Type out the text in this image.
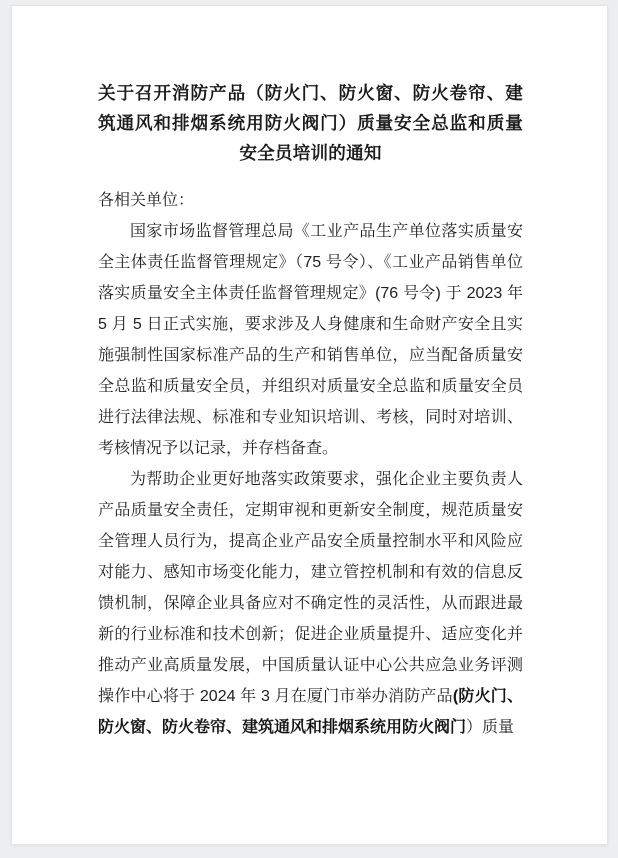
关于召开消防产品（防火门、防火窗、防火卷帘、建筑通风和排烟系统用防火阀门）质量安全总监和质量安全员培训的通知

各相关单位：

国家市场监督管理总局《工业产品生产单位落实质量安全主体责任监督管理规定》（75 号令）、《工业产品销售单位落实质量安全主体责任监督管理规定》(76 号令) 于 2023 年 5 月 5 日正式实施，要求涉及人身健康和生命财产安全且实施强制性国家标准产品的生产和销售单位，应当配备质量安全总监和质量安全员，并组织对质量安全总监和质量安全员进行法律法规、标准和专业知识培训、考核，同时对培训、考核情况予以记录，并存档备查。

为帮助企业更好地落实政策要求，强化企业主要负责人产品质量安全责任，定期审视和更新安全制度，规范质量安全管理人员行为，提高企业产品安全质量控制水平和风险应对能力、感知市场变化能力，建立管控机制和有效的信息反馈机制，保障企业具备应对不确定性的灵活性，从而跟进最新的行业标准和技术创新；促进企业质量提升、适应变化并推动产业高质量发展，中国质量认证中心公共应急业务评测操作中心将于 2024 年 3 月在厦门市举办消防产品(防火门、防火窗、防火卷帘、建筑通风和排烟系统用防火阀门）质量
